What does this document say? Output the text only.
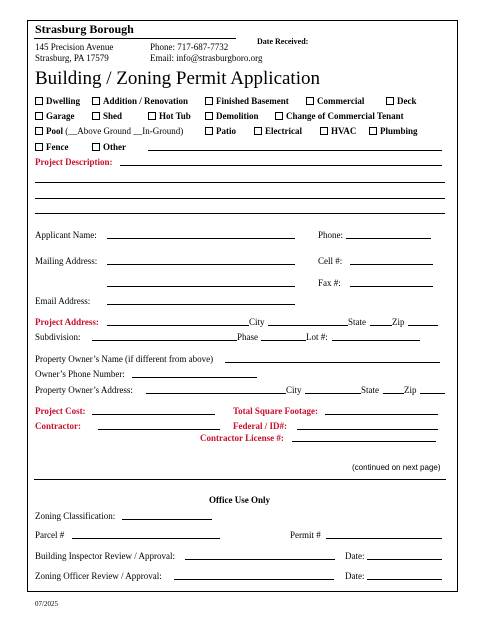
Strasburg Borough
145 Precision Avenue
Strasburg, PA 17579
Phone: 717-687-7732
Email: info@strasburgboro.org
Date Received:
Building / Zoning Permit Application
Dwelling	Addition / Renovation	Finished Basement	Commercial	Deck
Garage	Shed	Hot Tub	Demolition	Change of Commercial Tenant
Pool (__Above Ground __In-Ground)	Patio	Electrical	HVAC	Plumbing
Fence	Other
Project Description:
Applicant Name:	Phone:
Mailing Address:	Cell #:
Fax #:
Email Address:
Project Address:	City	State	Zip
Subdivision:	Phase	Lot #:
Property Owner’s Name (if different from above)
Owner’s Phone Number:
Property Owner’s Address:	City	State	Zip
Project Cost:	Total Square Footage:
Contractor:	Federal / ID#:
Contractor License #:
(continued on next page)
Office Use Only
Zoning Classification:
Parcel #	Permit #
Building Inspector Review / Approval:	Date:
Zoning Officer Review / Approval:	Date:
07/2025
